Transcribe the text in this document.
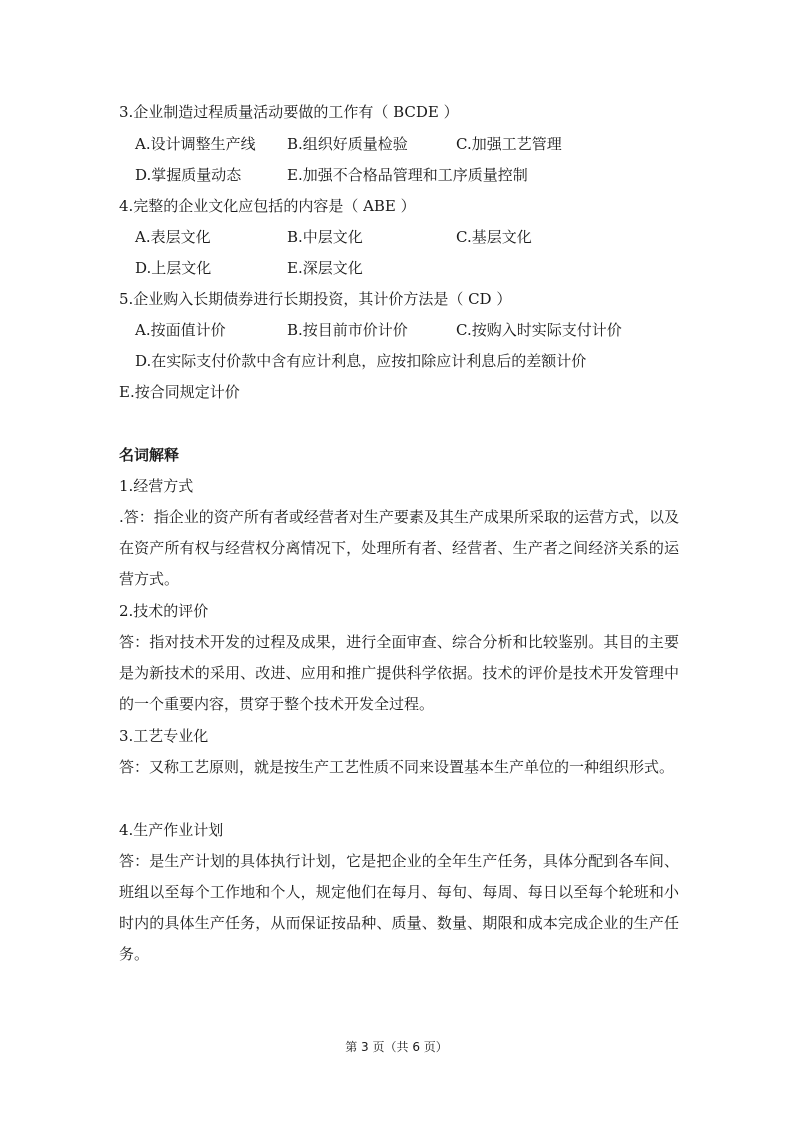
3.企业制造过程质量活动要做的工作有（ BCDE ）
A.设计调整生产线 B.组织好质量检验	C.加强工艺管理
D.掌握质量动态	E.加强不合格品管理和工序质量控制
4.完整的企业文化应包括的内容是（ ABE ）
A.表层文化	B.中层文化	C.基层文化
D.上层文化	E.深层文化
5.企业购入长期债券进行长期投资，其计价方法是（ CD ）
A.按面值计价	B.按目前市价计价	C.按购入时实际支付计价
D.在实际支付价款中含有应计利息，应按扣除应计利息后的差额计价
E.按合同规定计价
名词解释
1.经营方式
.答：指企业的资产所有者或经营者对生产要素及其生产成果所采取的运营方式，以及在资产所有权与经营权分离情况下，处理所有者、经营者、生产者之间经济关系的运营方式。
2.技术的评价
答：指对技术开发的过程及成果，进行全面审查、综合分析和比较鉴别。其目的主要是为新技术的采用、改进、应用和推广提供科学依据。技术的评价是技术开发管理中的一个重要内容，贯穿于整个技术开发全过程。
3.工艺专业化
答：又称工艺原则，就是按生产工艺性质不同来设置基本生产单位的一种组织形式。
4.生产作业计划
答：是生产计划的具体执行计划，它是把企业的全年生产任务，具体分配到各车间、班组以至每个工作地和个人，规定他们在每月、每旬、每周、每日以至每个轮班和小时内的具体生产任务，从而保证按品种、质量、数量、期限和成本完成企业的生产任务。
第 3 页（共 6 页）
